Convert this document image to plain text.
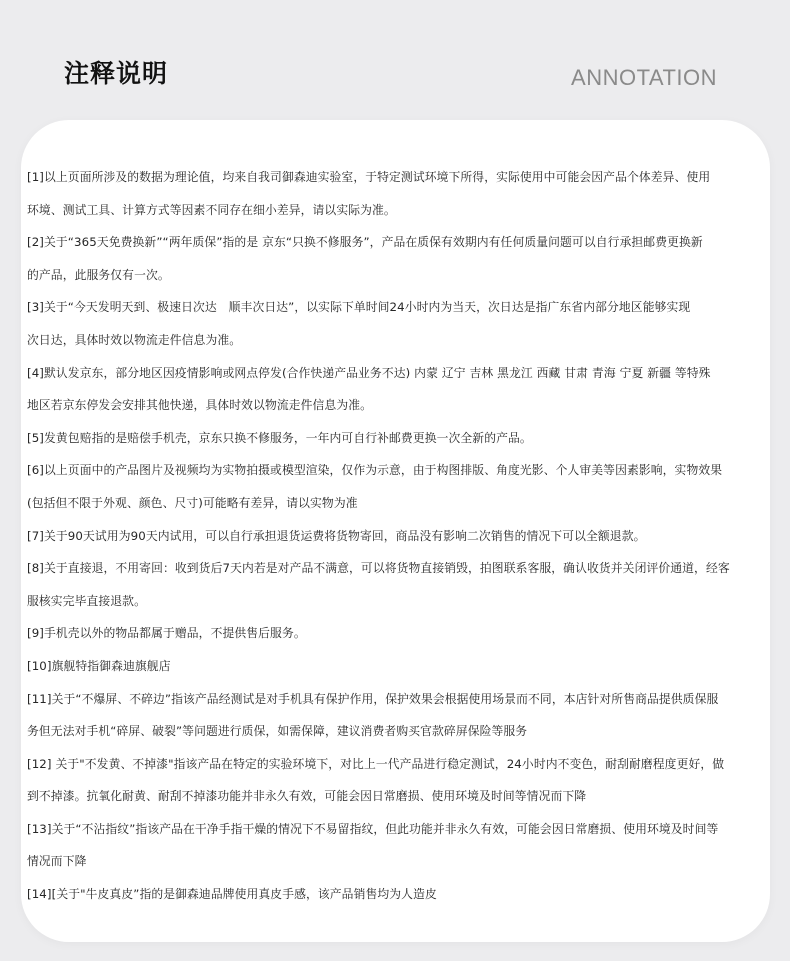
注释说明	ANNOTATION
[1]以上页面所涉及的数据为理论值，均来自我司御森迪实验室，于特定测试环境下所得，实际使用中可能会因产品个体差异、使用
环境、测试工具、计算方式等因素不同存在细小差异，请以实际为准。
[2]关于“365天免费换新”“两年质保”指的是 京东“只换不修服务”，产品在质保有效期内有任何质量问题可以自行承担邮费更换新
的产品，此服务仅有一次。
[3]关于“今天发明天到、极速日次达　顺丰次日达”，以实际下单时间24小时内为当天，次日达是指广东省内部分地区能够实现
次日达，具体时效以物流走件信息为准。
[4]默认发京东，部分地区因疫情影响或网点停发(合作快递产品业务不达) 内蒙 辽宁 吉林 黑龙江 西藏 甘肃 青海 宁夏 新疆 等特殊
地区若京东停发会安排其他快递，具体时效以物流走件信息为准。
[5]发黄包赔指的是赔偿手机壳，京东只换不修服务，一年内可自行补邮费更换一次全新的产品。
[6]以上页面中的产品图片及视频均为实物拍摄或模型渲染，仅作为示意，由于构图排版、角度光影、个人审美等因素影响，实物效果
(包括但不限于外观、颜色、尺寸)可能略有差异，请以实物为准
[7]关于90天试用为90天内试用，可以自行承担退货运费将货物寄回，商品没有影响二次销售的情况下可以全额退款。
[8]关于直接退，不用寄回：收到货后7天内若是对产品不满意，可以将货物直接销毁，拍图联系客服，确认收货并关闭评价通道，经客
服核实完毕直接退款。
[9]手机壳以外的物品都属于赠品，不提供售后服务。
[10]旗舰特指御森迪旗舰店
[11]关于“不爆屏、不碎边”指该产品经测试是对手机具有保护作用，保护效果会根据使用场景而不同，本店针对所售商品提供质保服
务但无法对手机“碎屏、破裂”等问题进行质保，如需保障，建议消费者购买官款碎屏保险等服务
[12] 关于"不发黄、不掉漆"指该产品在特定的实验环境下，对比上一代产品进行稳定测试，24小时内不变色，耐刮耐磨程度更好，做
到不掉漆。抗氧化耐黄、耐刮不掉漆功能并非永久有效，可能会因日常磨损、使用环境及时间等情况而下降
[13]关于“不沾指纹”指该产品在干净手指干燥的情况下不易留指纹，但此功能并非永久有效，可能会因日常磨损、使用环境及时间等
情况而下降
[14][关于"牛皮真皮”指的是御森迪品牌使用真皮手感，该产品销售均为人造皮
